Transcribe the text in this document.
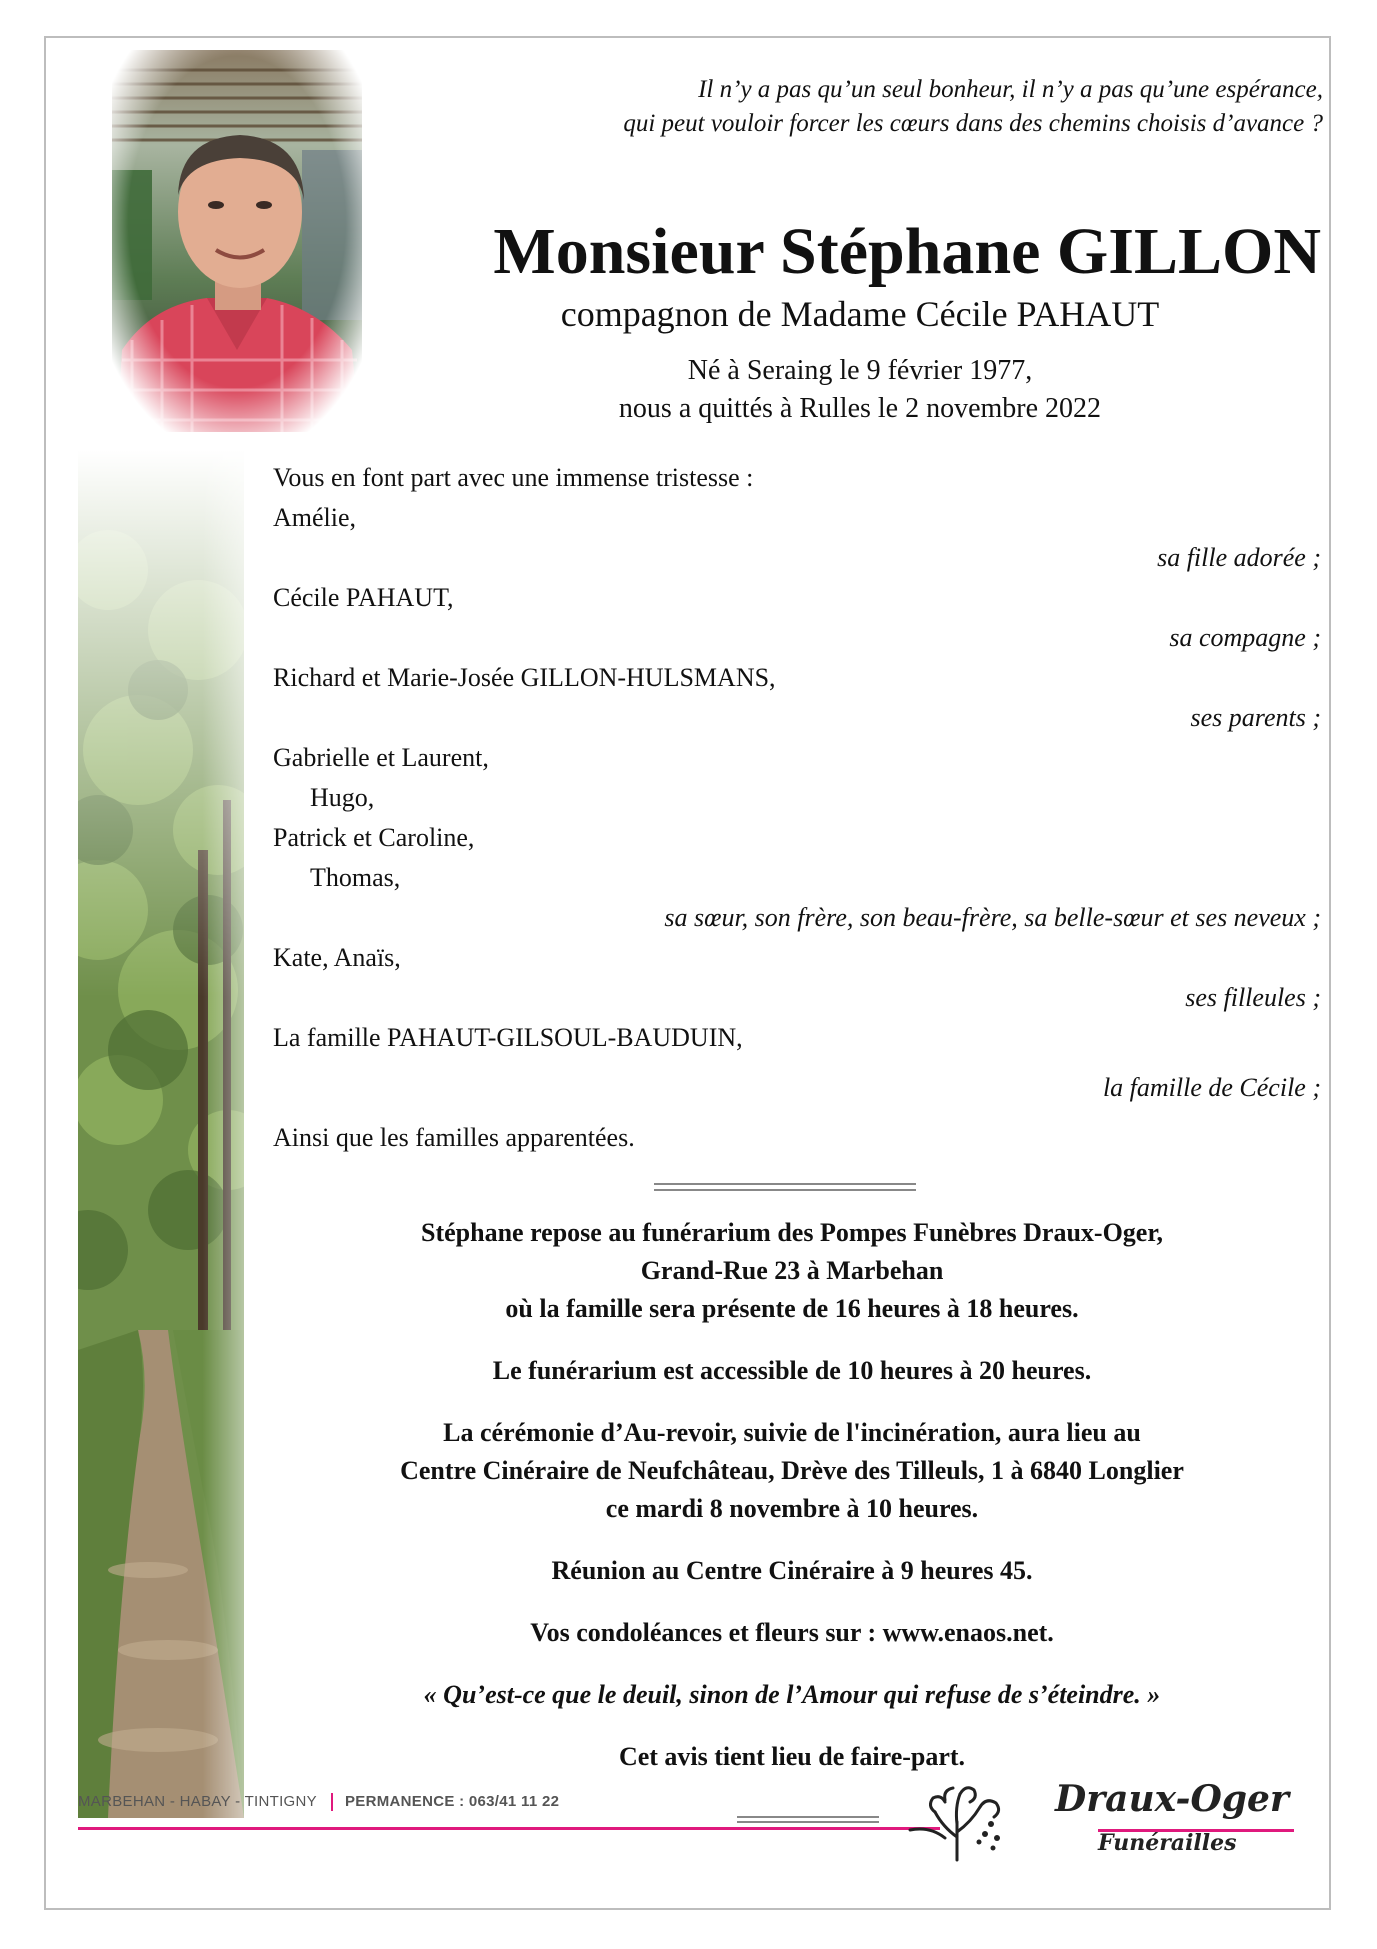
Il n’y a pas qu’un seul bonheur, il n’y a pas qu’une espérance,
qui peut vouloir forcer les cœurs dans des chemins choisis d’avance ?
Monsieur Stéphane GILLON
compagnon de Madame Cécile PAHAUT
Né à Seraing le 9 février 1977,
nous a quittés à Rulles le 2 novembre 2022
Vous en font part avec une immense tristesse :
Amélie,
sa fille adorée ;
Cécile PAHAUT,
sa compagne ;
Richard et Marie-Josée GILLON-HULSMANS,
ses parents ;
Gabrielle et Laurent,
Hugo,
Patrick et Caroline,
Thomas,
sa sœur, son frère, son beau-frère, sa belle-sœur et ses neveux ;
Kate, Anaïs,
ses filleules ;
La famille PAHAUT-GILSOUL-BAUDUIN,
la famille de Cécile ;
Ainsi que les familles apparentées.

Stéphane repose au funérarium des Pompes Funèbres Draux-Oger,

Grand-Rue 23 à Marbehan

où la famille sera présente de 16 heures à 18 heures.

Le funérarium est accessible de 10 heures à 20 heures.

La cérémonie d’Au-revoir, suivie de l'incinération, aura lieu au

Centre Cinéraire de Neufchâteau, Drève des Tilleuls, 1 à 6840 Longlier

ce mardi 8 novembre à 10 heures.

Réunion au Centre Cinéraire à 9 heures 45.

Vos condoléances et fleurs sur : www.enaos.net.

« Qu’est-ce que le deuil, sinon de l’Amour qui refuse de s’éteindre. »

Cet avis tient lieu de faire-part.

MARBEHAN - HABAY - TINTIGNY PERMANENCE : 063/41 11 22	Draux-Oger
Funérailles
